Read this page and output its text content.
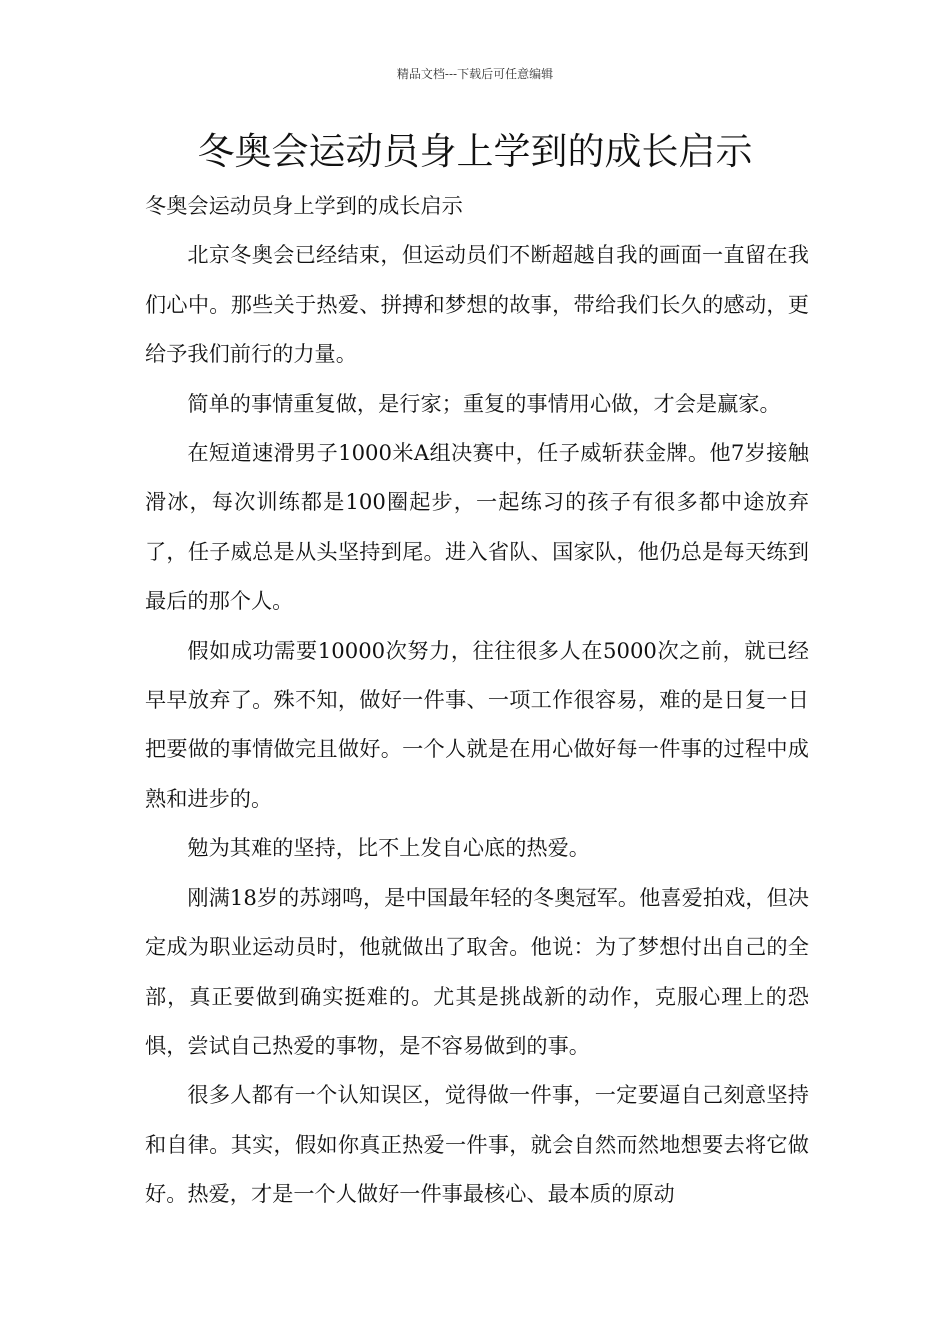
精品文档---下载后可任意编辑
冬奥会运动员身上学到的成长启示

冬奥会运动员身上学到的成长启示

北京冬奥会已经结束，但运动员们不断超越自我的画面一直留在我们心中。那些关于热爱、拼搏和梦想的故事，带给我们长久的感动，更给予我们前行的力量。

简单的事情重复做，是行家；重复的事情用心做，才会是赢家。

在短道速滑男子1000米A组决赛中，任子威斩获金牌。他7岁接触滑冰，每次训练都是100圈起步，一起练习的孩子有很多都中途放弃了，任子威总是从头坚持到尾。进入省队、国家队，他仍总是每天练到最后的那个人。

假如成功需要10000次努力，往往很多人在5000次之前，就已经早早放弃了。殊不知，做好一件事、一项工作很容易，难的是日复一日把要做的事情做完且做好。一个人就是在用心做好每一件事的过程中成熟和进步的。

勉为其难的坚持，比不上发自心底的热爱。

刚满18岁的苏翊鸣，是中国最年轻的冬奥冠军。他喜爱拍戏，但决定成为职业运动员时，他就做出了取舍。他说：为了梦想付出自己的全部，真正要做到确实挺难的。尤其是挑战新的动作，克服心理上的恐惧，尝试自己热爱的事物，是不容易做到的事。

很多人都有一个认知误区，觉得做一件事，一定要逼自己刻意坚持和自律。其实，假如你真正热爱一件事，就会自然而然地想要去将它做好。热爱，才是一个人做好一件事最核心、最本质的原动
